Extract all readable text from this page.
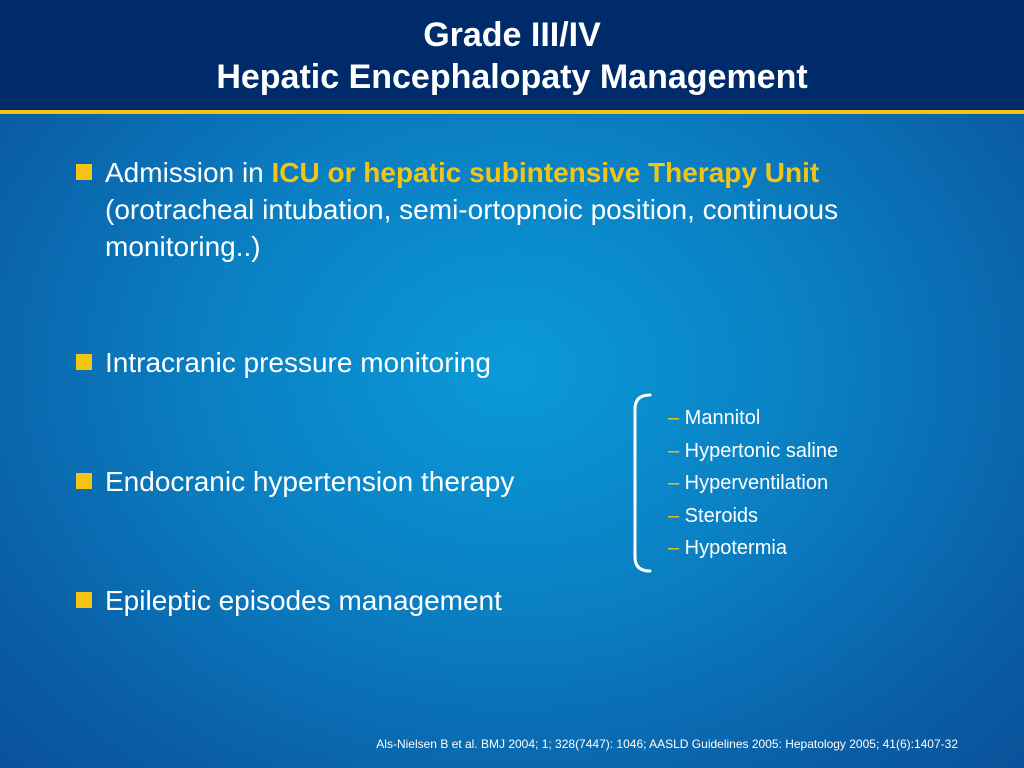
Grade III/IV
Hepatic Encephalopaty Management
Admission in ICU or hepatic subintensive Therapy Unit (orotracheal intubation, semi-ortopnoic position, continuous monitoring..)
Intracranic pressure monitoring
Endocranic hypertension therapy
Epileptic episodes management
– Mannitol
– Hypertonic saline
– Hyperventilation
– Steroids
– Hypotermia
Als-Nielsen B et al. BMJ 2004; 1; 328(7447): 1046; AASLD Guidelines 2005: Hepatology 2005; 41(6):1407-32
